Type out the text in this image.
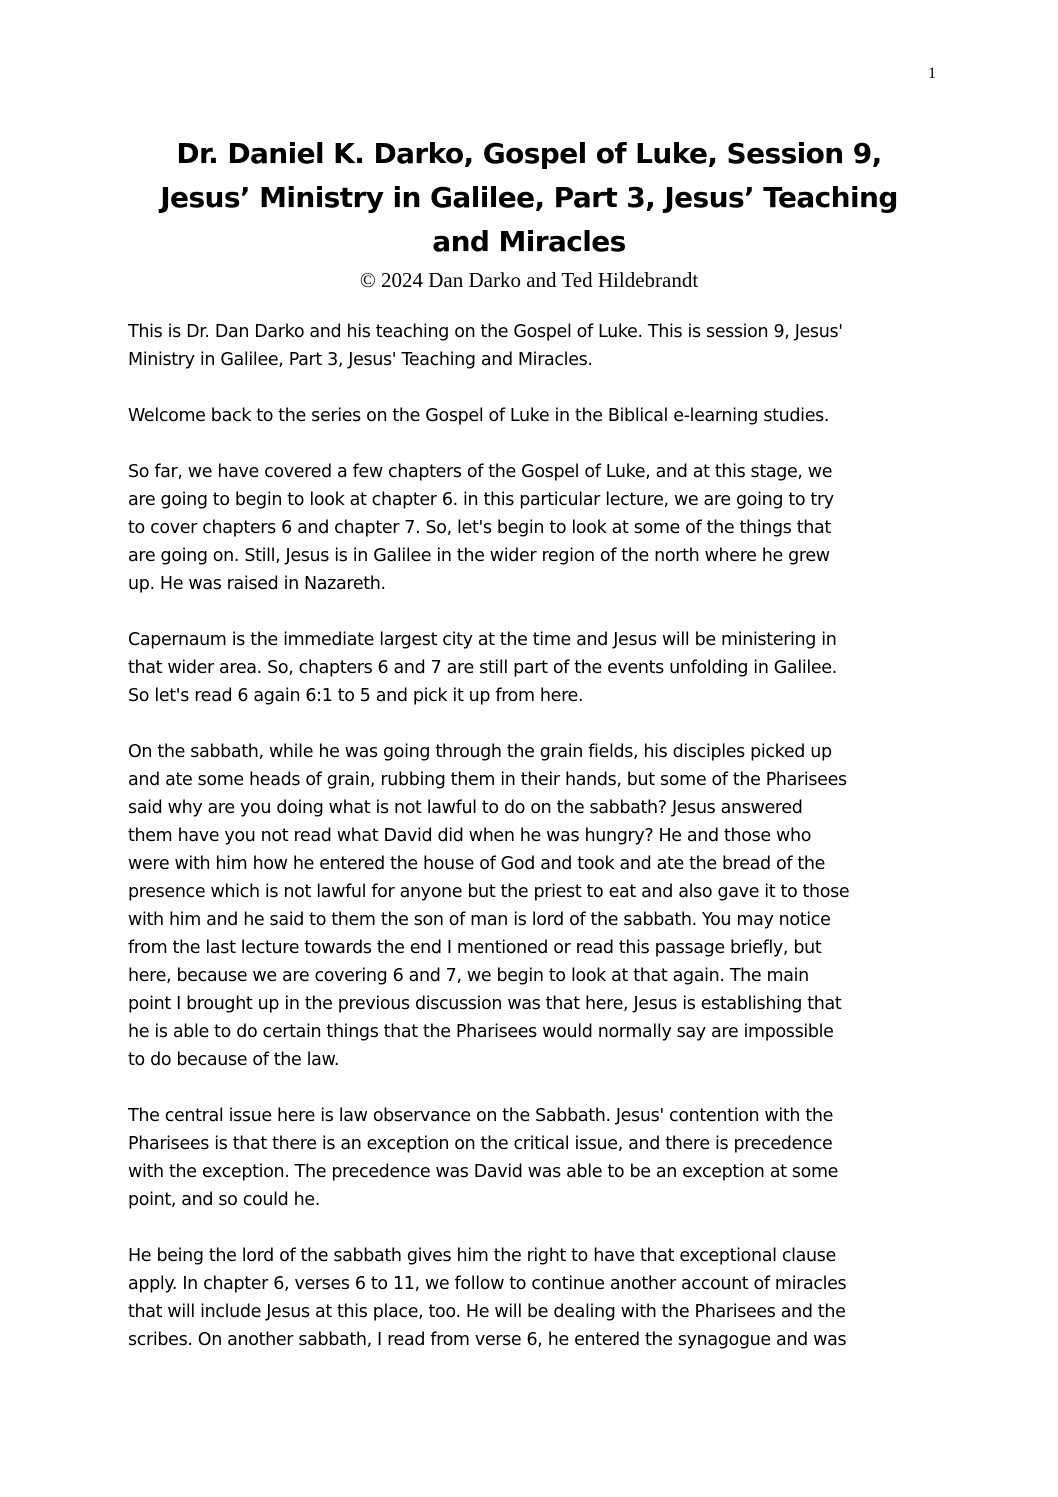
1
Dr. Daniel K. Darko, Gospel of Luke, Session 9,
Jesus’ Ministry in Galilee, Part 3, Jesus’ Teaching
and Miracles
© 2024 Dan Darko and Ted Hildebrandt

This is Dr. Dan Darko and his teaching on the Gospel of Luke. This is session 9, Jesus'
Ministry in Galilee, Part 3, Jesus' Teaching and Miracles.

Welcome back to the series on the Gospel of Luke in the Biblical e-learning studies.

So far, we have covered a few chapters of the Gospel of Luke, and at this stage, we
are going to begin to look at chapter 6. in this particular lecture, we are going to try
to cover chapters 6 and chapter 7. So, let's begin to look at some of the things that
are going on. Still, Jesus is in Galilee in the wider region of the north where he grew
up. He was raised in Nazareth.

Capernaum is the immediate largest city at the time and Jesus will be ministering in
that wider area. So, chapters 6 and 7 are still part of the events unfolding in Galilee.
So let's read 6 again 6:1 to 5 and pick it up from here.

On the sabbath, while he was going through the grain fields, his disciples picked up
and ate some heads of grain, rubbing them in their hands, but some of the Pharisees
said why are you doing what is not lawful to do on the sabbath? Jesus answered
them have you not read what David did when he was hungry? He and those who
were with him how he entered the house of God and took and ate the bread of the
presence which is not lawful for anyone but the priest to eat and also gave it to those
with him and he said to them the son of man is lord of the sabbath. You may notice
from the last lecture towards the end I mentioned or read this passage briefly, but
here, because we are covering 6 and 7, we begin to look at that again. The main
point I brought up in the previous discussion was that here, Jesus is establishing that
he is able to do certain things that the Pharisees would normally say are impossible
to do because of the law.

The central issue here is law observance on the Sabbath. Jesus' contention with the
Pharisees is that there is an exception on the critical issue, and there is precedence
with the exception. The precedence was David was able to be an exception at some
point, and so could he.

He being the lord of the sabbath gives him the right to have that exceptional clause
apply. In chapter 6, verses 6 to 11, we follow to continue another account of miracles
that will include Jesus at this place, too. He will be dealing with the Pharisees and the
scribes. On another sabbath, I read from verse 6, he entered the synagogue and was
